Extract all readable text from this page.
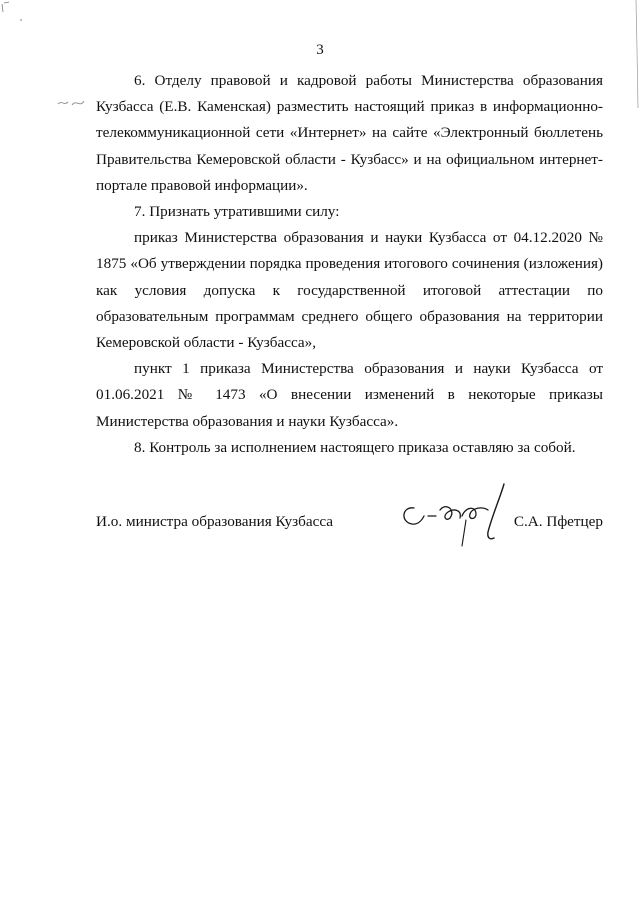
3

6. Отделу правовой и кадровой работы Министерства образования Кузбасса (Е.В. Каменская) разместить настоящий приказ в информационно-телекоммуникационной сети «Интернет» на сайте «Электронный бюллетень Правительства Кемеровской области - Кузбасс» и на официальном интернет-портале правовой информации».

7. Признать утратившими силу:

приказ Министерства образования и науки Кузбасса от 04.12.2020 № 1875 «Об утверждении порядка проведения итогового сочинения (изложения) как условия допуска к государственной итоговой аттестации по образовательным программам среднего общего образования на территории Кемеровской области - Кузбасса»,

пункт 1 приказа Министерства образования и науки Кузбасса от 01.06.2021 № 1473 «О внесении изменений в некоторые приказы Министерства образования и науки Кузбасса».

8. Контроль за исполнением настоящего приказа оставляю за собой.

И.о. министра образования Кузбасса	С.А. Пфетцер
